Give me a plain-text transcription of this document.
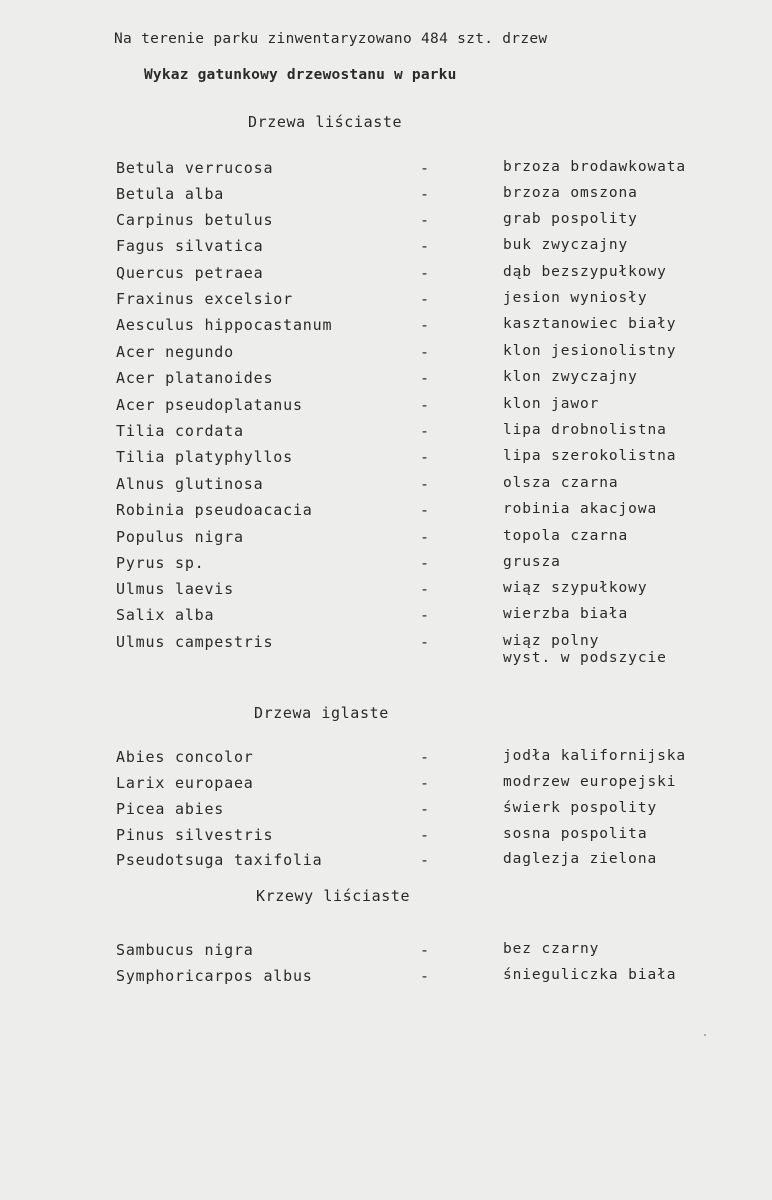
Na terenie parku zinwentaryzowano 484 szt. drzew
Wykaz gatunkowy drzewostanu w parku
Drzewa liściaste
Betula verrucosa	-	brzoza brodawkowata
Betula alba	-	brzoza omszona
Carpinus betulus	-	grab pospolity
Fagus silvatica	-	buk zwyczajny
Quercus petraea	-	dąb bezszypułkowy
Fraxinus excelsior	-	jesion wyniosły
Aesculus hippocastanum	-	kasztanowiec biały
Acer negundo	-	klon jesionolistny
Acer platanoides	-	klon zwyczajny
Acer pseudoplatanus	-	klon jawor
Tilia cordata	-	lipa drobnolistna
Tilia platyphyllos	-	lipa szerokolistna
Alnus glutinosa	-	olsza czarna
Robinia pseudoacacia	-	robinia akacjowa
Populus nigra	-	topola czarna
Pyrus sp.	-	grusza
Ulmus laevis	-	wiąz szypułkowy
Salix alba	-	wierzba biała
Ulmus campestris	-	wiąz polny
wyst. w podszycie
Drzewa iglaste
Abies concolor	-	jodła kalifornijska
Larix europaea	-	modrzew europejski
Picea abies	-	świerk pospolity
Pinus silvestris	-	sosna pospolita
Pseudotsuga taxifolia	-	daglezja zielona
Krzewy liściaste
Sambucus nigra	-	bez czarny
Symphoricarpos albus	-	śnieguliczka biała
